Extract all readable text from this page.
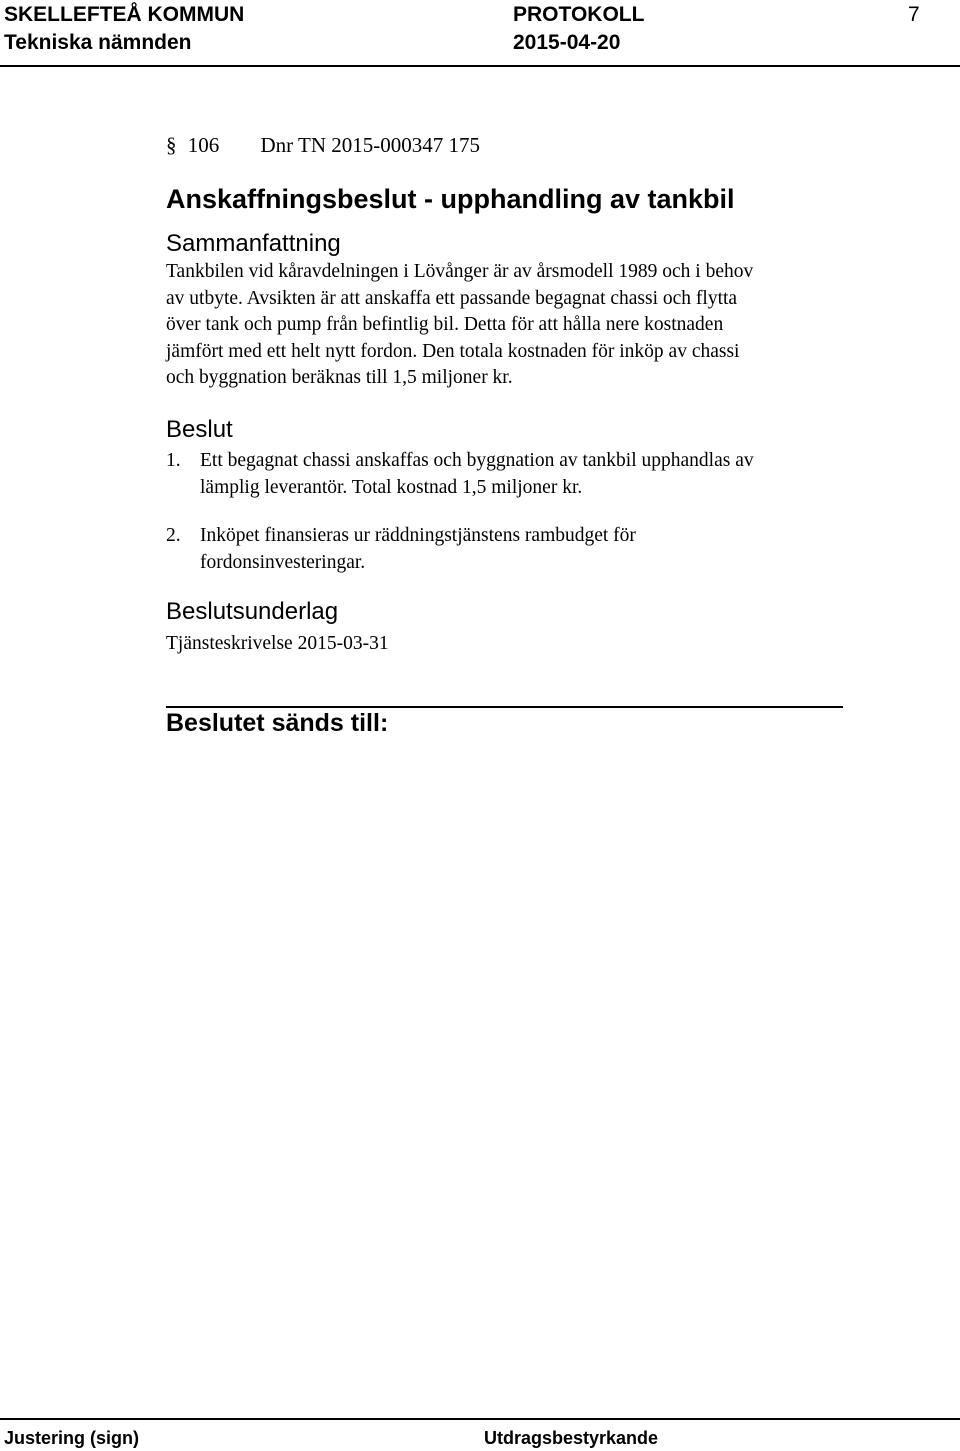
SKELLEFTEÅ KOMMUN
Tekniska nämnden
PROTOKOLL
2015-04-20
7
§ 106 Dnr TN 2015-000347 175
Anskaffningsbeslut - upphandling av tankbil
Sammanfattning
Tankbilen vid kåravdelningen i Lövånger är av årsmodell 1989 och i behov
av utbyte. Avsikten är att anskaffa ett passande begagnat chassi och flytta
över tank och pump från befintlig bil. Detta för att hålla nere kostnaden
jämfört med ett helt nytt fordon. Den totala kostnaden för inköp av chassi
och byggnation beräknas till 1,5 miljoner kr.
Beslut
1. Ett begagnat chassi anskaffas och byggnation av tankbil upphandlas av
lämplig leverantör. Total kostnad 1,5 miljoner kr.
2. Inköpet finansieras ur räddningstjänstens rambudget för
fordonsinvesteringar.
Beslutsunderlag
Tjänsteskrivelse 2015-03-31
Beslutet sänds till:
Justering (sign)	Utdragsbestyrkande
